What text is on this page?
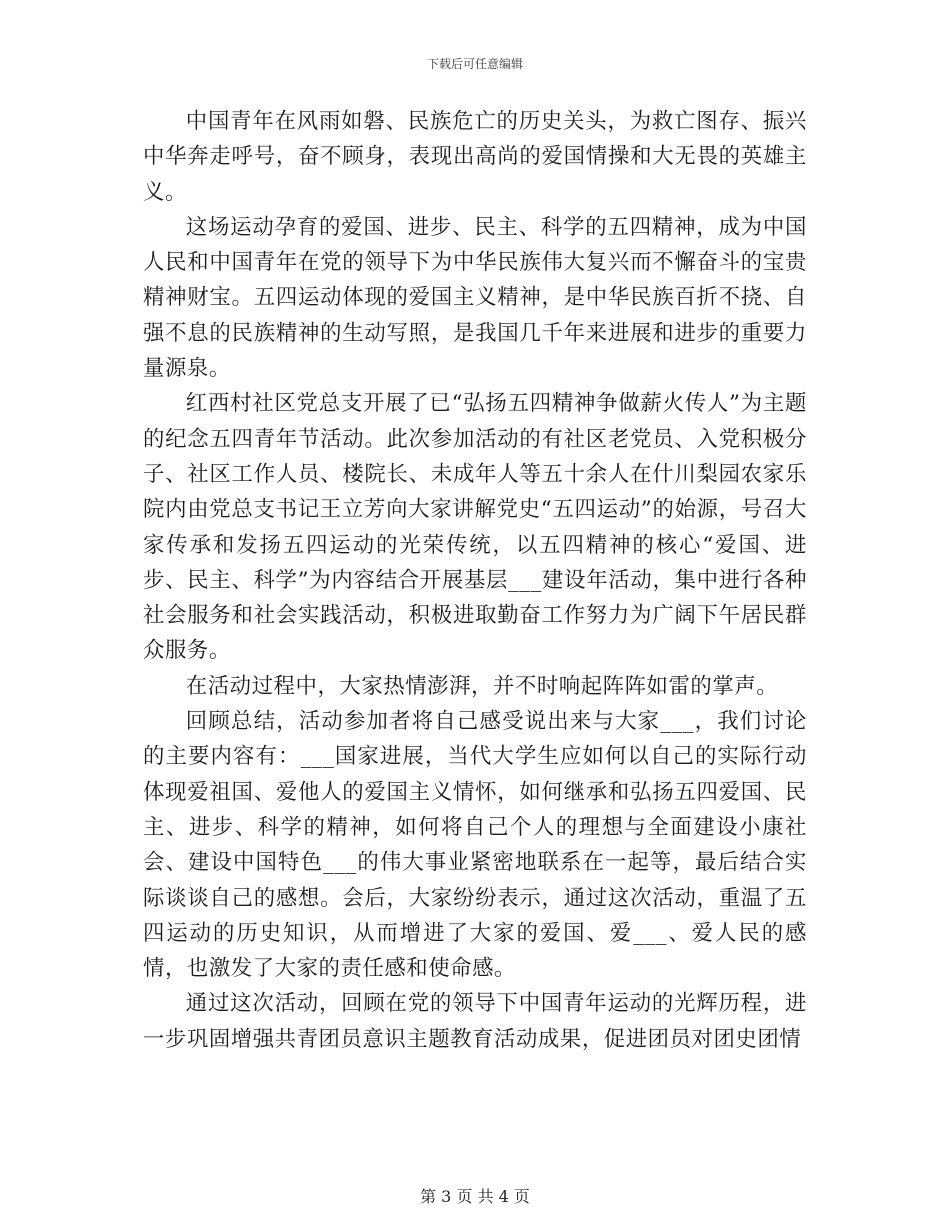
下载后可任意编辑

中国青年在风雨如磐、民族危亡的历史关头，为救亡图存、振兴中华奔走呼号，奋不顾身，表现出高尚的爱国情操和大无畏的英雄主义。

这场运动孕育的爱国、进步、民主、科学的五四精神，成为中国人民和中国青年在党的领导下为中华民族伟大复兴而不懈奋斗的宝贵精神财宝。五四运动体现的爱国主义精神，是中华民族百折不挠、自强不息的民族精神的生动写照，是我国几千年来进展和进步的重要力量源泉。

红西村社区党总支开展了已“弘扬五四精神争做薪火传人”为主题的纪念五四青年节活动。此次参加活动的有社区老党员、入党积极分子、社区工作人员、楼院长、未成年人等五十余人在什川梨园农家乐院内由党总支书记王立芳向大家讲解党史“五四运动”的始源，号召大家传承和发扬五四运动的光荣传统，以五四精神的核心“爱国、进步、民主、科学”为内容结合开展基层___建设年活动，集中进行各种社会服务和社会实践活动，积极进取勤奋工作努力为广阔下午居民群众服务。

在活动过程中，大家热情澎湃，并不时响起阵阵如雷的掌声。

回顾总结，活动参加者将自己感受说出来与大家___，我们讨论的主要内容有：___国家进展，当代大学生应如何以自己的实际行动体现爱祖国、爱他人的爱国主义情怀，如何继承和弘扬五四爱国、民主、进步、科学的精神，如何将自己个人的理想与全面建设小康社会、建设中国特色___的伟大事业紧密地联系在一起等，最后结合实际谈谈自己的感想。会后，大家纷纷表示，通过这次活动，重温了五四运动的历史知识，从而增进了大家的爱国、爱___、爱人民的感情，也激发了大家的责任感和使命感。

通过这次活动，回顾在党的领导下中国青年运动的光辉历程，进一步巩固增强共青团员意识主题教育活动成果，促进团员对团史团情

第 3 页 共 4 页
